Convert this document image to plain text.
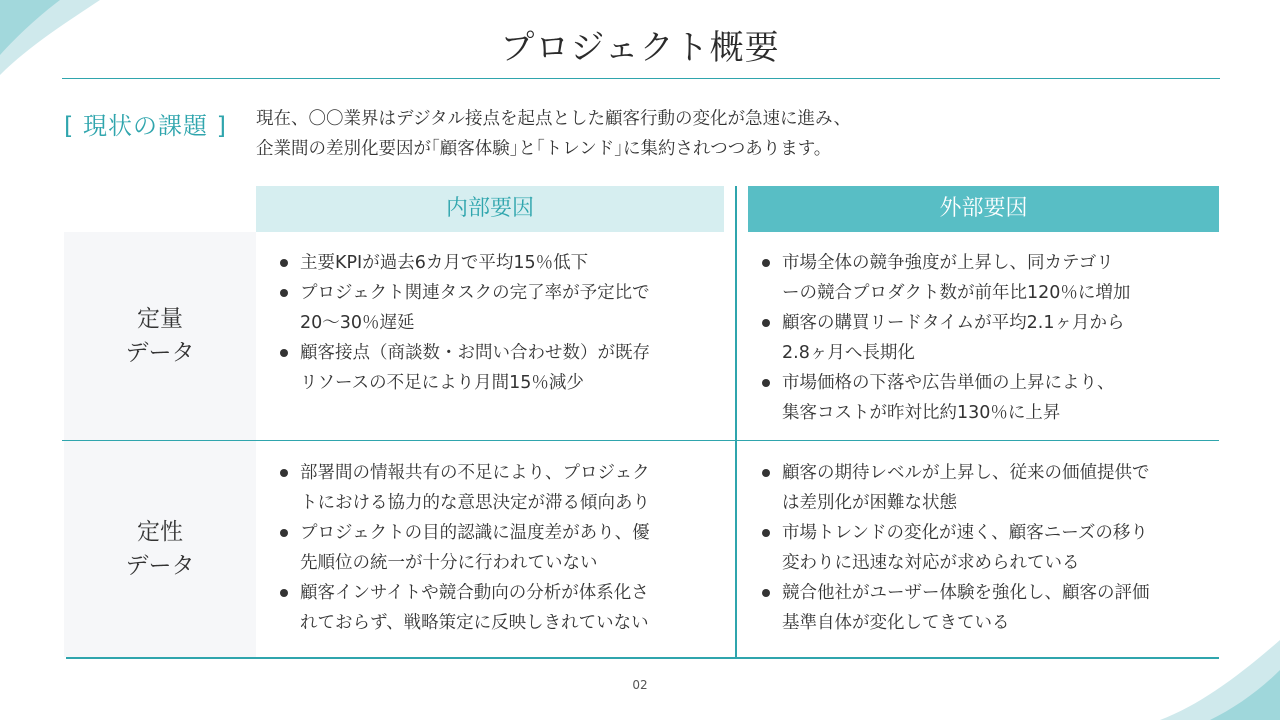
プロジェクト概要
[ 現状の課題 ] 現在、〇〇業界はデジタル接点を起点とした顧客行動の変化が急速に進み、
企業間の差別化要因が｢顧客体験｣と｢トレンド｣に集約されつつあります。
内部要因	外部要因
定量
データ
定性
データ
主要KPIが過去6カ月で平均15％低下
プロジェクト関連タスクの完了率が予定比で
20〜30％遅延
顧客接点（商談数・お問い合わせ数）が既存
リソースの不足により月間15％減少
市場全体の競争強度が上昇し、同カテゴリ
ーの競合プロダクト数が前年比120％に増加
顧客の購買リードタイムが平均2.1ヶ月から
2.8ヶ月へ長期化
市場価格の下落や広告単価の上昇により、
集客コストが昨対比約130％に上昇
部署間の情報共有の不足により、プロジェク
トにおける協力的な意思決定が滞る傾向あり
プロジェクトの目的認識に温度差があり、優
先順位の統一が十分に行われていない
顧客インサイトや競合動向の分析が体系化さ
れておらず、戦略策定に反映しきれていない
顧客の期待レベルが上昇し、従来の価値提供で
は差別化が困難な状態
市場トレンドの変化が速く、顧客ニーズの移り
変わりに迅速な対応が求められている
競合他社がユーザー体験を強化し、顧客の評価
基準自体が変化してきている
02
